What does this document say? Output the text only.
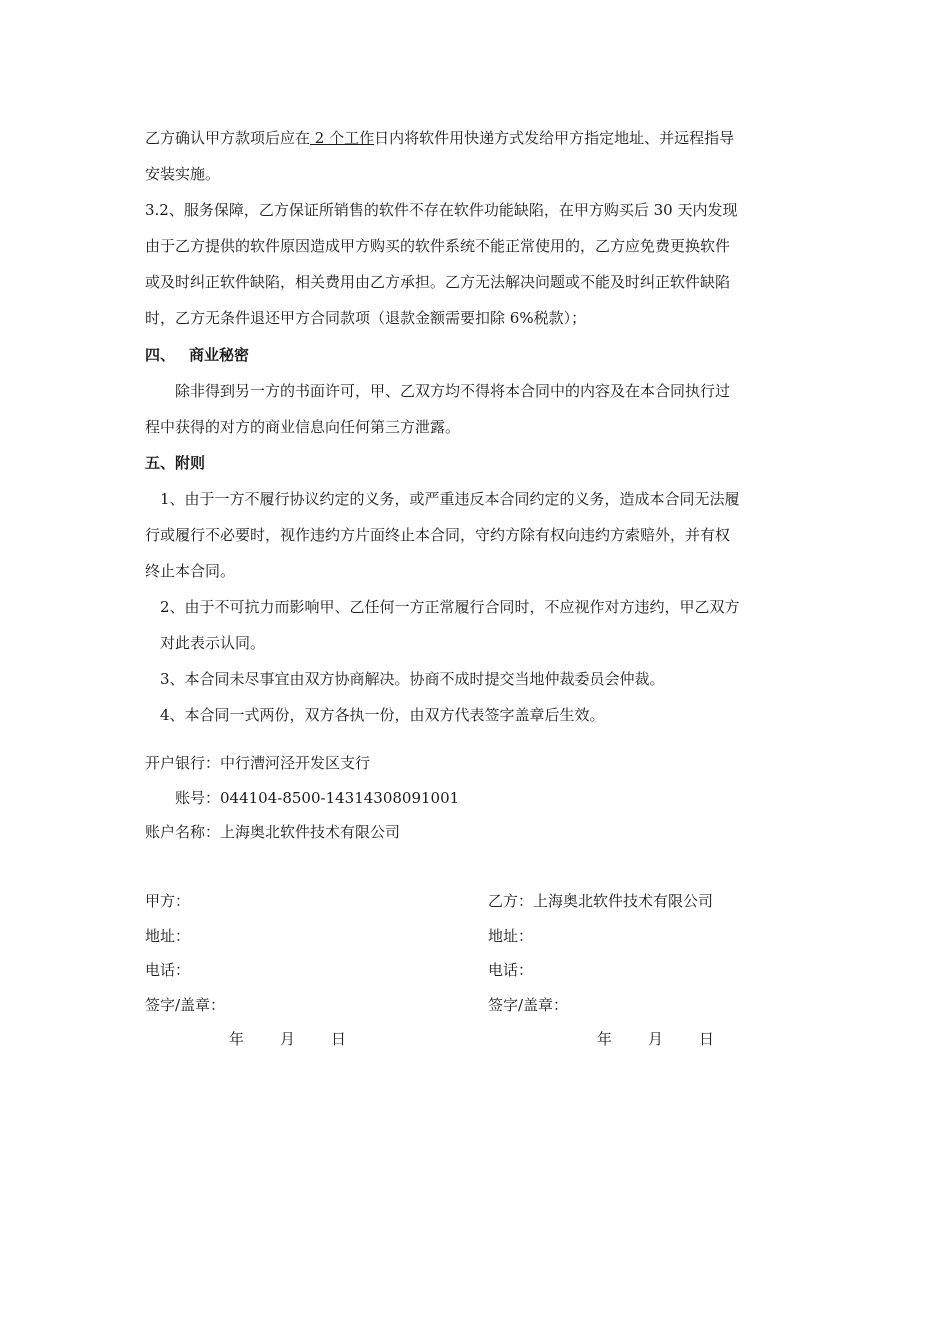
乙方确认甲方款项后应在 2 个工作日内将软件用快递方式发给甲方指定地址、并远程指导
安装实施。
3.2、服务保障，乙方保证所销售的软件不存在软件功能缺陷，在甲方购买后 30 天内发现
由于乙方提供的软件原因造成甲方购买的软件系统不能正常使用的，乙方应免费更换软件
或及时纠正软件缺陷，相关费用由乙方承担。乙方无法解决问题或不能及时纠正软件缺陷
时，乙方无条件退还甲方合同款项（退款金额需要扣除 6%税款）；
四、 商业秘密
除非得到另一方的书面许可，甲、乙双方均不得将本合同中的内容及在本合同执行过
程中获得的对方的商业信息向任何第三方泄露。
五、附则
1、由于一方不履行协议约定的义务，或严重违反本合同约定的义务，造成本合同无法履
行或履行不必要时，视作违约方片面终止本合同，守约方除有权向违约方索赔外，并有权
终止本合同。
2、由于不可抗力而影响甲、乙任何一方正常履行合同时，不应视作对方违约，甲乙双方
对此表示认同。
3、本合同未尽事宜由双方协商解决。协商不成时提交当地仲裁委员会仲裁。
4、本合同一式两份，双方各执一份，由双方代表签字盖章后生效。
开户银行：中行漕河泾开发区支行
账号：044104-8500-14314308091001
账户名称：上海奥北软件技术有限公司
甲方：
地址：
电话：
签字/盖章：
年 月 日
乙方：上海奥北软件技术有限公司
地址：
电话：
签字/盖章：
年 月 日
